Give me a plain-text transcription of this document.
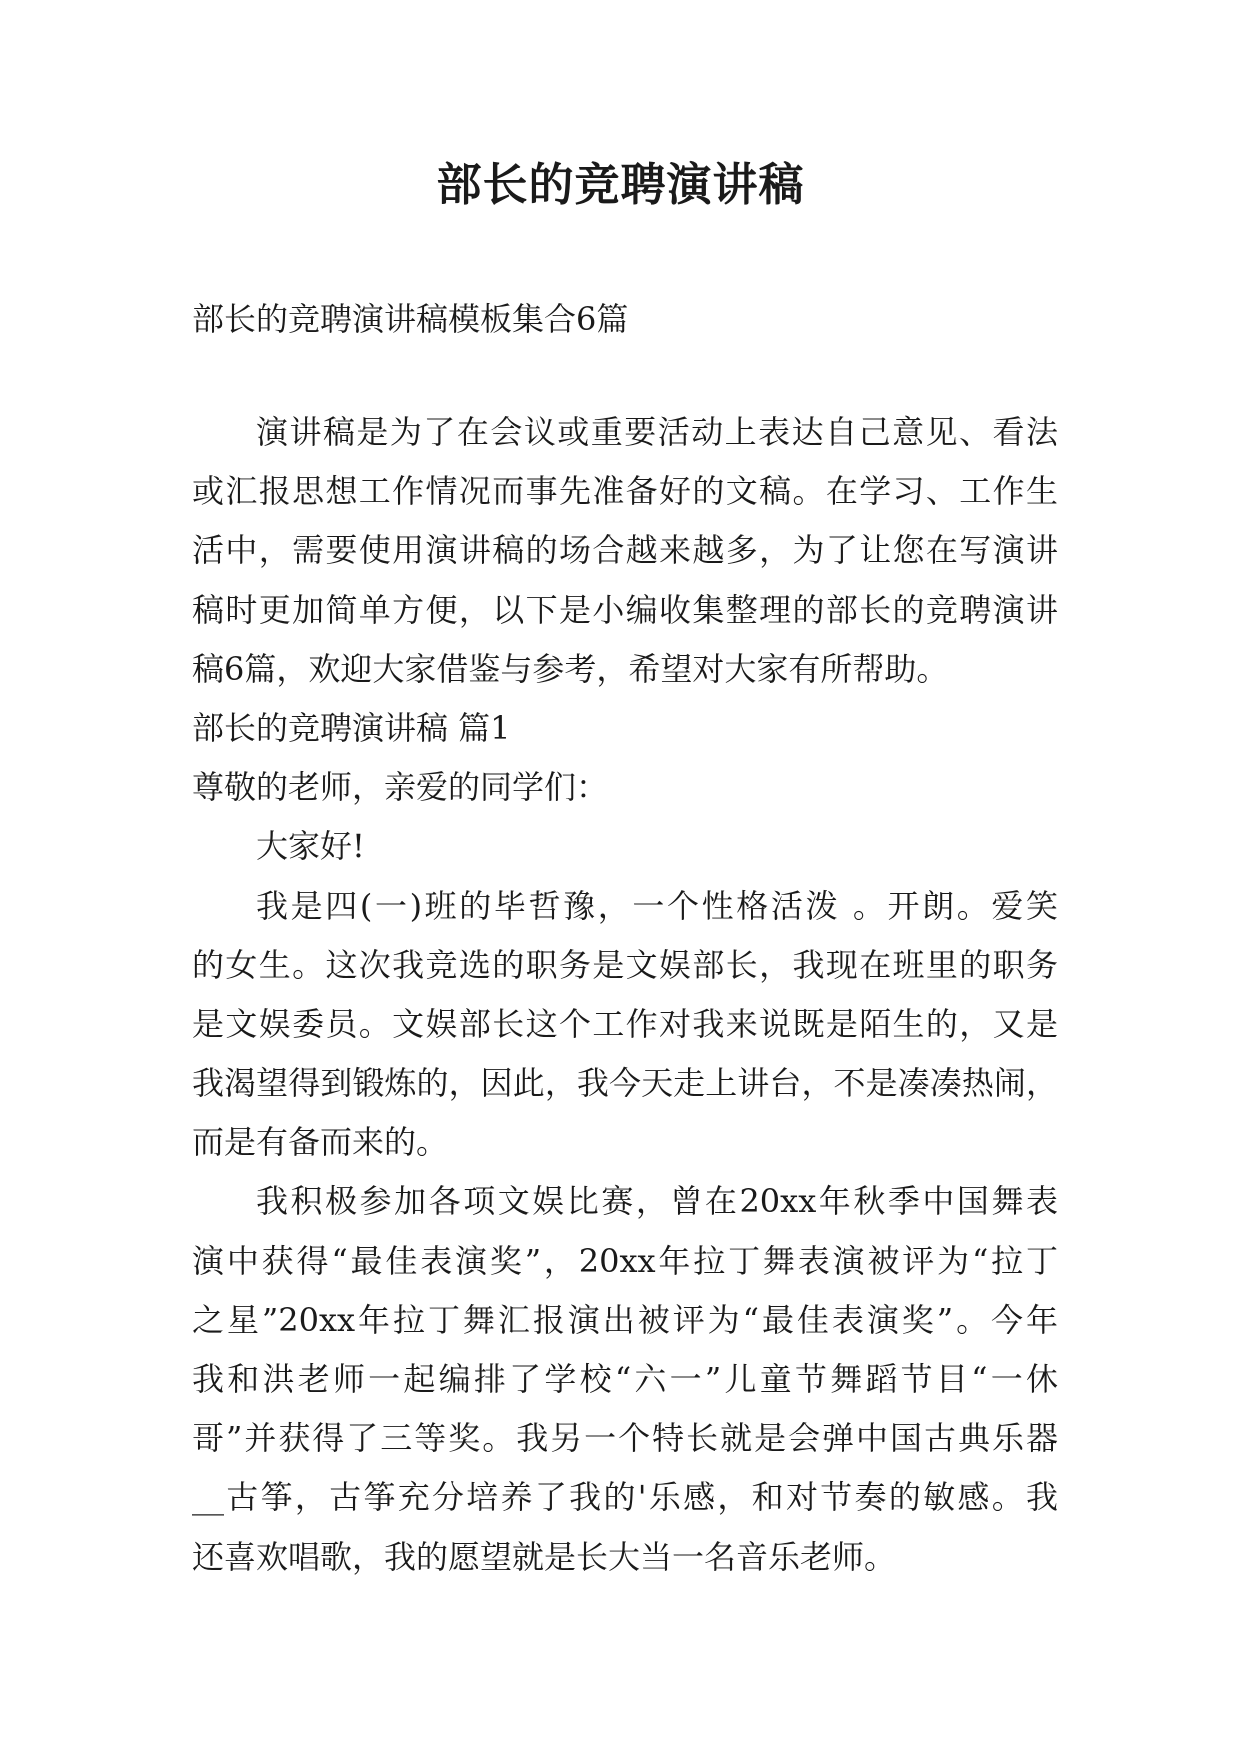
部长的竞聘演讲稿
部长的竞聘演讲稿模板集合6篇
演讲稿是为了在会议或重要活动上表达自己意见、看法
或汇报思想工作情况而事先准备好的文稿。在学习、工作生
活中，需要使用演讲稿的场合越来越多，为了让您在写演讲
稿时更加简单方便，以下是小编收集整理的部长的竞聘演讲
稿6篇，欢迎大家借鉴与参考，希望对大家有所帮助。
部长的竞聘演讲稿 篇1
尊敬的老师，亲爱的同学们：
大家好!
我是四(一)班的毕哲豫，一个性格活泼 。开朗。爱笑
的女生。这次我竞选的职务是文娱部长，我现在班里的职务
是文娱委员。文娱部长这个工作对我来说既是陌生的，又是
我渴望得到锻炼的，因此，我今天走上讲台，不是凑凑热闹，
而是有备而来的。
我积极参加各项文娱比赛，曾在20xx年秋季中国舞表
演中获得“最佳表演奖”，20xx年拉丁舞表演被评为“拉丁
之星”20xx年拉丁舞汇报演出被评为“最佳表演奖”。今年
我和洪老师一起编排了学校“六一”儿童节舞蹈节目“一休
哥”并获得了三等奖。我另一个特长就是会弹中国古典乐器
__古筝，古筝充分培养了我的'乐感，和对节奏的敏感。我
还喜欢唱歌，我的愿望就是长大当一名音乐老师。
